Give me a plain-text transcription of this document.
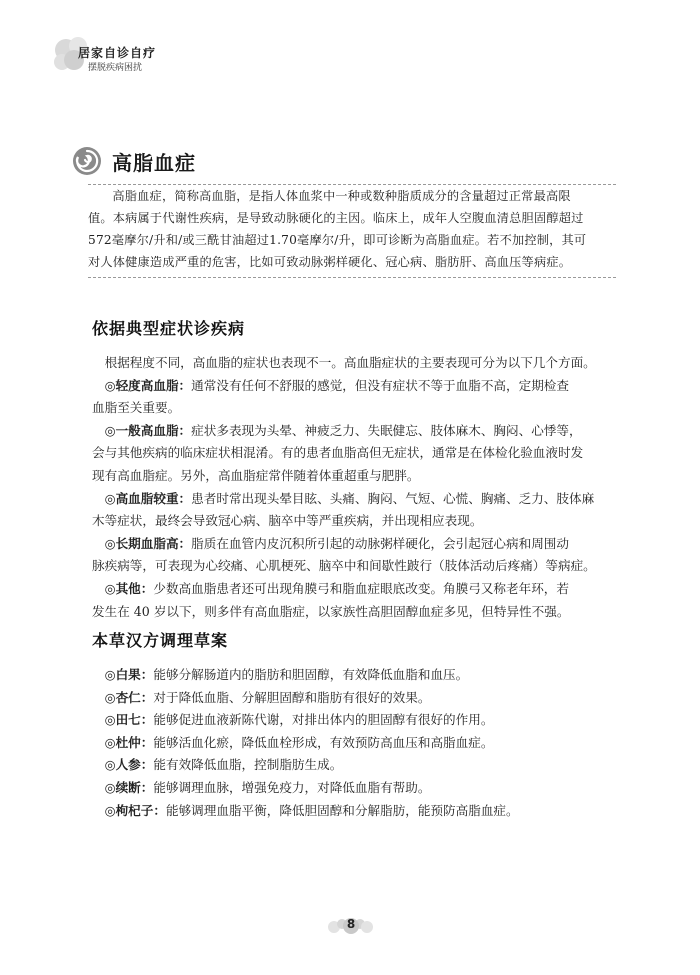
居家自诊自疗
摆脱疾病困扰
高脂血症

高脂血症，简称高血脂，是指人体血浆中一种或数种脂质成分的含量超过正常最高限
值。本病属于代谢性疾病，是导致动脉硬化的主因。临床上，成年人空腹血清总胆固醇超过
572毫摩尔/升和/或三酰甘油超过1.70毫摩尔/升，即可诊断为高脂血症。若不加控制，其可
对人体健康造成严重的危害，比如可致动脉粥样硬化、冠心病、脂肪肝、高血压等病症。

依据典型症状诊疾病
根据程度不同，高血脂的症状也表现不一。高血脂症状的主要表现可分为以下几个方面。
◎轻度高血脂：通常没有任何不舒服的感觉，但没有症状不等于血脂不高，定期检查
血脂至关重要。
◎一般高血脂：症状多表现为头晕、神疲乏力、失眠健忘、肢体麻木、胸闷、心悸等，
会与其他疾病的临床症状相混淆。有的患者血脂高但无症状，通常是在体检化验血液时发
现有高血脂症。另外，高血脂症常伴随着体重超重与肥胖。
◎高血脂较重：患者时常出现头晕目眩、头痛、胸闷、气短、心慌、胸痛、乏力、肢体麻
木等症状，最终会导致冠心病、脑卒中等严重疾病，并出现相应表现。
◎长期血脂高：脂质在血管内皮沉积所引起的动脉粥样硬化，会引起冠心病和周围动
脉疾病等，可表现为心绞痛、心肌梗死、脑卒中和间歇性跛行（肢体活动后疼痛）等病症。
◎其他：少数高血脂患者还可出现角膜弓和脂血症眼底改变。角膜弓又称老年环，若
发生在 40 岁以下，则多伴有高血脂症，以家族性高胆固醇血症多见，但特异性不强。
本草汉方调理草案
◎白果：能够分解肠道内的脂肪和胆固醇，有效降低血脂和血压。
◎杏仁：对于降低血脂、分解胆固醇和脂肪有很好的效果。
◎田七：能够促进血液新陈代谢，对排出体内的胆固醇有很好的作用。
◎杜仲：能够活血化瘀，降低血栓形成，有效预防高血压和高脂血症。
◎人参：能有效降低血脂，控制脂肪生成。
◎续断：能够调理血脉，增强免疫力，对降低血脂有帮助。
◎枸杞子：能够调理血脂平衡，降低胆固醇和分解脂肪，能预防高脂血症。
8
